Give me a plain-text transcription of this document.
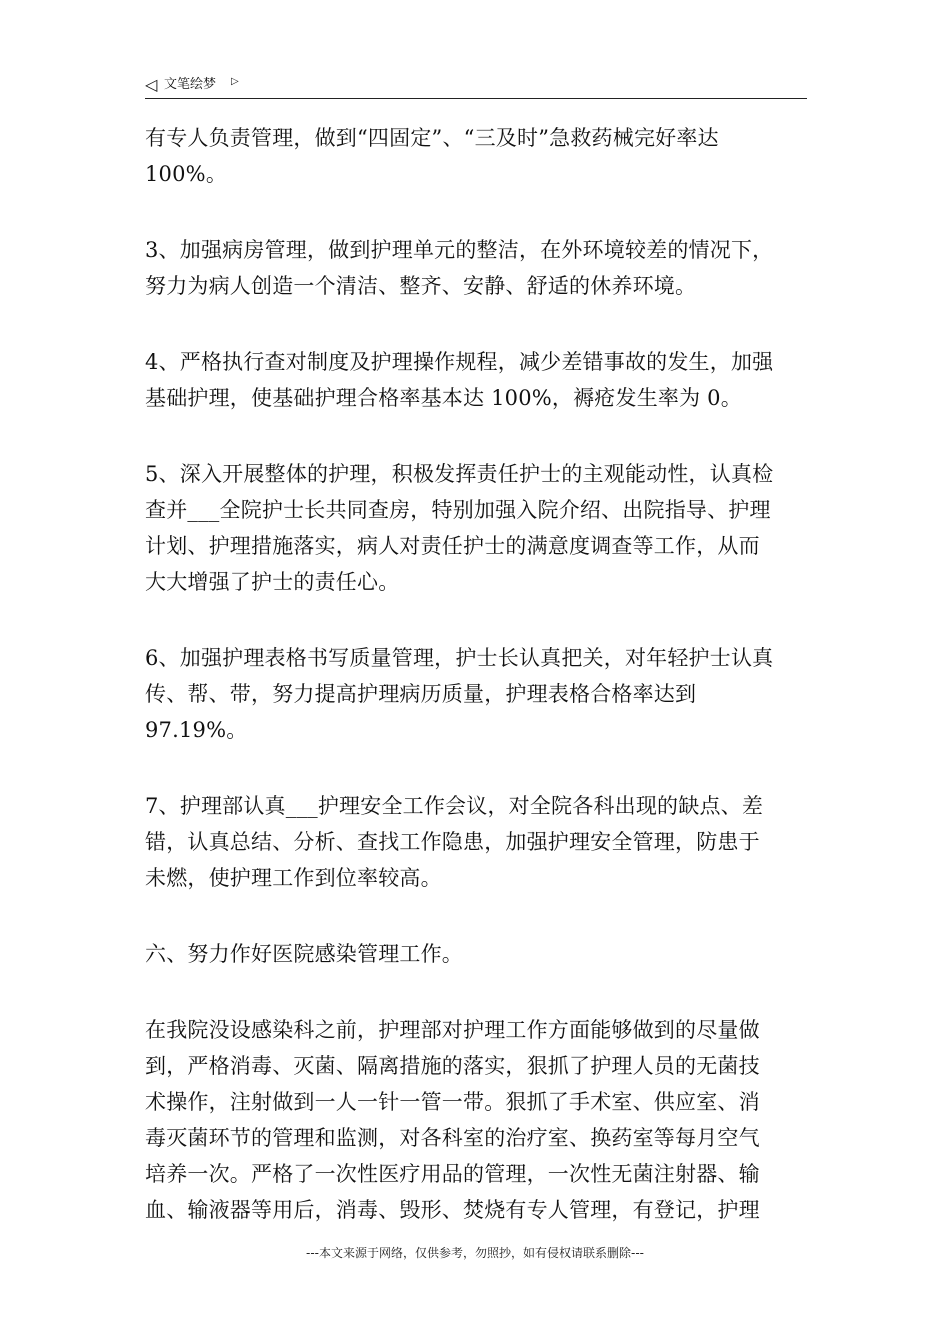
◁ 文笔绘梦 ▷

有专人负责管理，做到“四固定”、“三及时”急救药械完好率达
100%。

3、加强病房管理，做到护理单元的整洁，在外环境较差的情况下，
努力为病人创造一个清洁、整齐、安静、舒适的休养环境。

4、严格执行查对制度及护理操作规程，减少差错事故的发生，加强
基础护理，使基础护理合格率基本达 100%，褥疮发生率为 0。

5、深入开展整体的护理，积极发挥责任护士的主观能动性，认真检
查并___全院护士长共同查房，特别加强入院介绍、出院指导、护理
计划、护理措施落实，病人对责任护士的满意度调查等工作，从而
大大增强了护士的责任心。

6、加强护理表格书写质量管理，护士长认真把关，对年轻护士认真
传、帮、带，努力提高护理病历质量，护理表格合格率达到
97.19%。

7、护理部认真___护理安全工作会议，对全院各科出现的缺点、差
错，认真总结、分析、查找工作隐患，加强护理安全管理，防患于
未燃，使护理工作到位率较高。

六、努力作好医院感染管理工作。

在我院没设感染科之前，护理部对护理工作方面能够做到的尽量做
到，严格消毒、灭菌、隔离措施的落实，狠抓了护理人员的无菌技
术操作，注射做到一人一针一管一带。狠抓了手术室、供应室、消
毒灭菌环节的管理和监测，对各科室的治疗室、换药室等每月空气
培养一次。严格了一次性医疗用品的管理，一次性无菌注射器、输
血、输液器等用后，消毒、毁形、焚烧有专人管理，有登记，护理

---本文来源于网络，仅供参考，勿照抄，如有侵权请联系删除---
